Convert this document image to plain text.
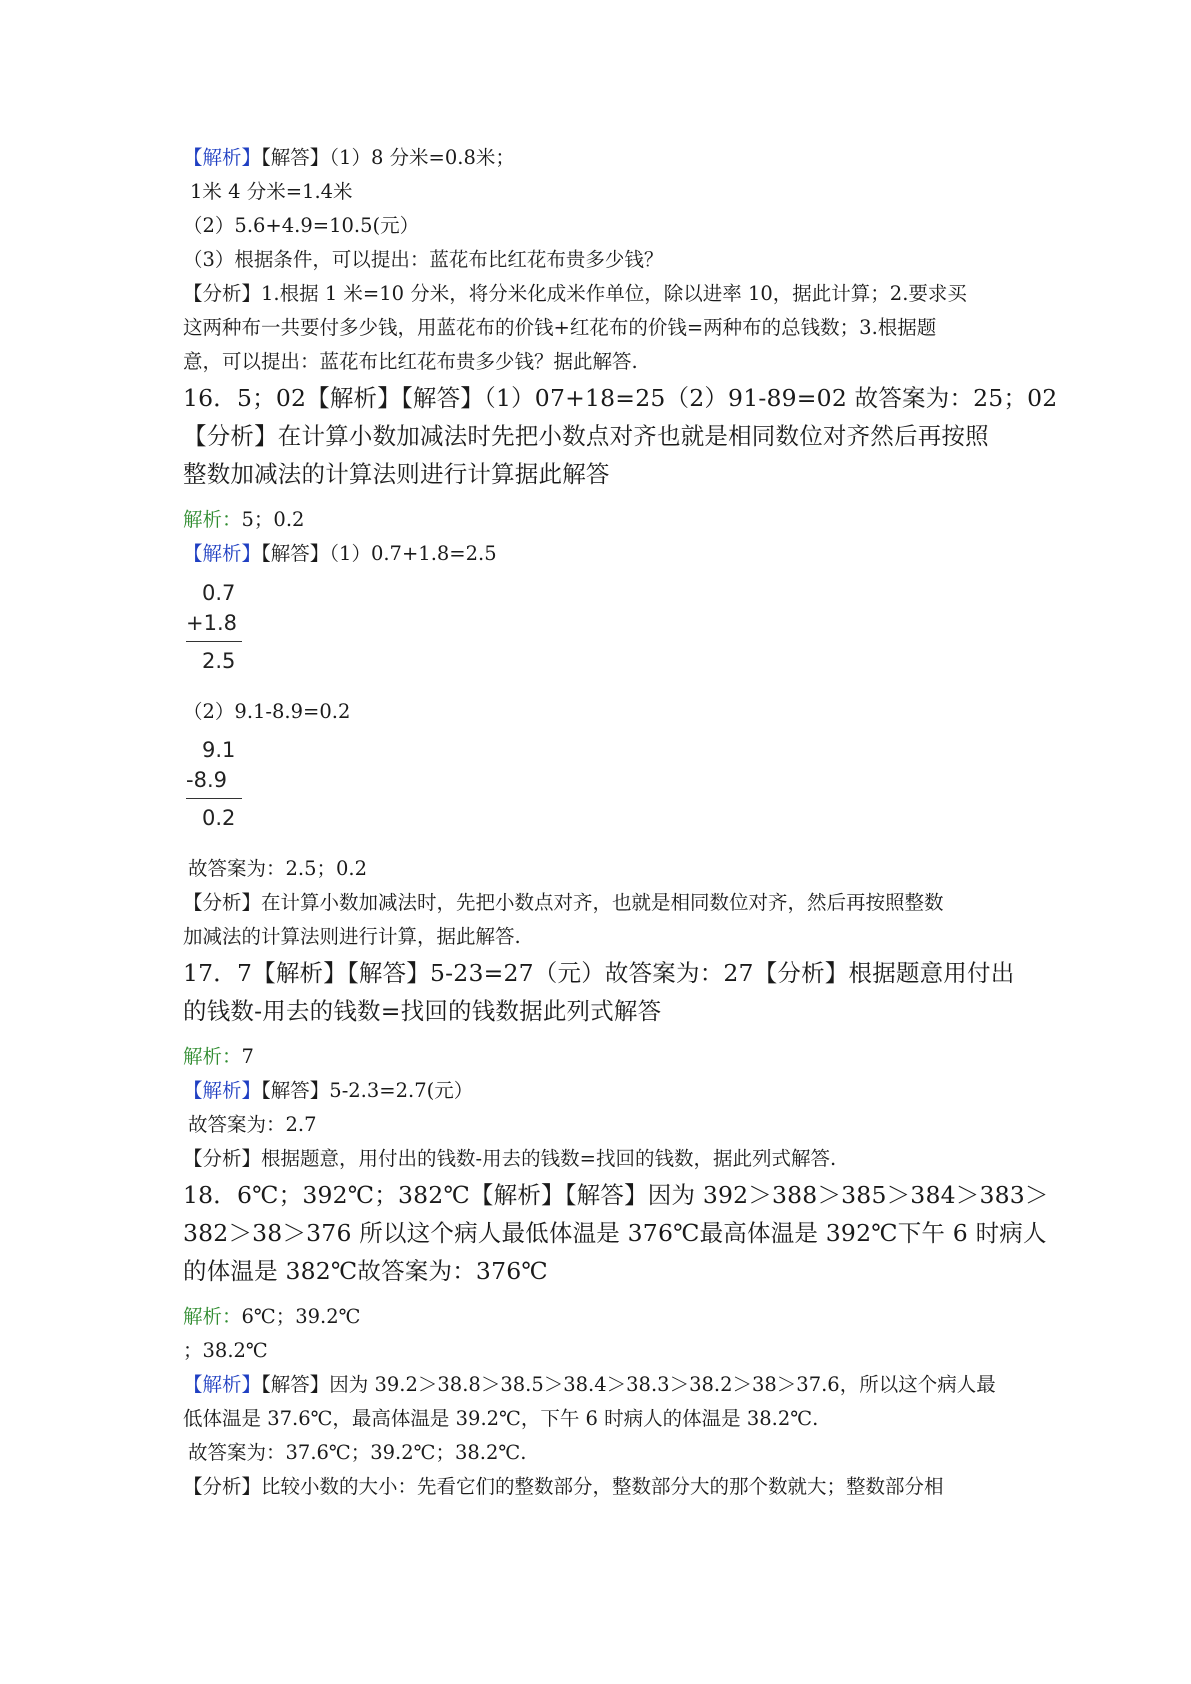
【解析】【解答】（1）8 分米=0.8米；
1米 4 分米=1.4米
（2）5.6+4.9=10.5(元）
（3）根据条件，可以提出：蓝花布比红花布贵多少钱？
【分析】1.根据 1 米=10 分米，将分米化成米作单位，除以进率 10，据此计算；2.要求买
这两种布一共要付多少钱，用蓝花布的价钱+红花布的价钱=两种布的总钱数；3.根据题
意，可以提出：蓝花布比红花布贵多少钱？据此解答.
16．5；02【解析】【解答】（1）07+18=25（2）91-89=02 故答案为：25；02
【分析】在计算小数加减法时先把小数点对齐也就是相同数位对齐然后再按照
整数加减法的计算法则进行计算据此解答
解析：5；0.2
【解析】【解答】（1）0.7+1.8=2.5
0.7
+1.8
2.5
（2）9.1-8.9=0.2
9.1
-8.9
0.2
故答案为：2.5；0.2
【分析】在计算小数加减法时，先把小数点对齐，也就是相同数位对齐，然后再按照整数
加减法的计算法则进行计算，据此解答.
17．7【解析】【解答】5-23=27（元）故答案为：27【分析】根据题意用付出
的钱数-用去的钱数=找回的钱数据此列式解答
解析：7
【解析】【解答】5-2.3=2.7(元）
故答案为：2.7
【分析】根据题意，用付出的钱数-用去的钱数=找回的钱数，据此列式解答.
18．6℃；392℃；382℃【解析】【解答】因为 392＞388＞385＞384＞383＞
382＞38＞376 所以这个病人最低体温是 376℃最高体温是 392℃下午 6 时病人
的体温是 382℃故答案为：376℃
解析：6℃；39.2℃
；38.2℃
【解析】【解答】因为 39.2＞38.8＞38.5＞38.4＞38.3＞38.2＞38＞37.6，所以这个病人最
低体温是 37.6℃，最高体温是 39.2℃，下午 6 时病人的体温是 38.2℃.
故答案为：37.6℃；39.2℃；38.2℃.
【分析】比较小数的大小：先看它们的整数部分，整数部分大的那个数就大；整数部分相
